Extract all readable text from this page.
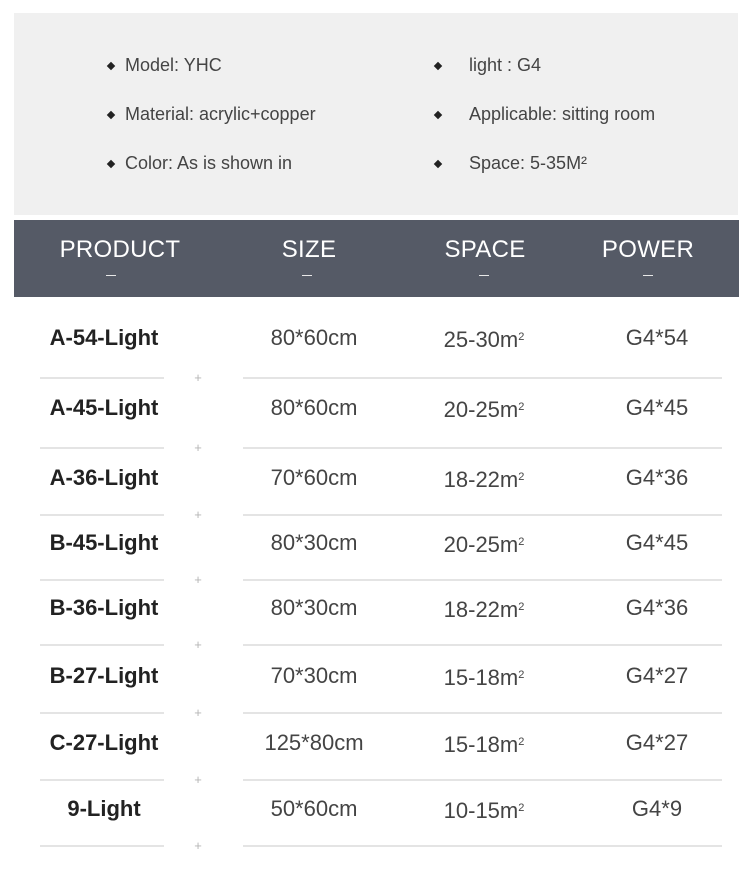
Model: YHC
Material: acrylic+copper
Color: As is shown in
light : G4
Applicable: sitting room
Space: 5-35M²
PRODUCT	SIZE	SPACE	POWER
A-54-Light	80*60cm	$25-30m^2$	G4*54
A-45-Light	80*60cm	$20-25m^2$	G4*45
A-36-Light	70*60cm	$18-22m^2$	G4*36
B-45-Light	80*30cm	$20-25m^2$	G4*45
B-36-Light	80*30cm	$18-22m^2$	G4*36
B-27-Light	70*30cm	$15-18m^2$	G4*27
C-27-Light	125*80cm	$15-18m^2$	G4*27
9-Light	50*60cm	$10-15m^2$	G4*9
+
+
+
+
+
+
+
+
